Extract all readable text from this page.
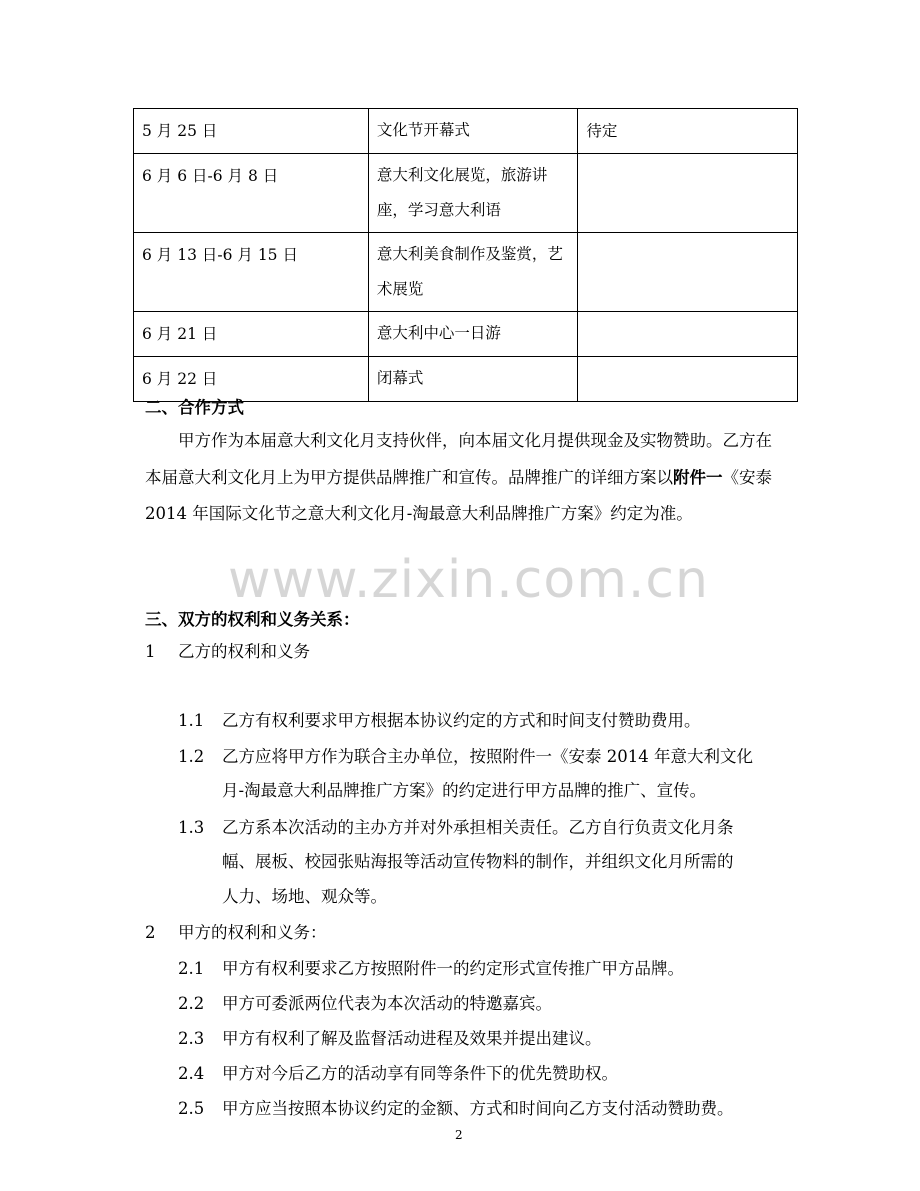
5 月 25 日	文化节开幕式	待定
6 月 6 日-6 月 8 日	意大利文化展览，旅游讲座，学习意大利语	
6 月 13 日-6 月 15 日	意大利美食制作及鉴赏，艺术展览	
6 月 21 日	意大利中心一日游	
6 月 22 日	闭幕式	
二、合作方式
甲方作为本届意大利文化月支持伙伴，向本届文化月提供现金及实物赞助。乙方在本届意大利文化月上为甲方提供品牌推广和宣传。品牌推广的详细方案以附件一《安泰 2014 年国际文化节之意大利文化月-淘最意大利品牌推广方案》约定为准。
www.zixin.com.cn
三、双方的权利和义务关系：
1 乙方的权利和义务
1.1 乙方有权利要求甲方根据本协议约定的方式和时间支付赞助费用。
1.2 乙方应将甲方作为联合主办单位，按照附件一《安泰 2014 年意大利文化
月-淘最意大利品牌推广方案》的约定进行甲方品牌的推广、宣传。
1.3 乙方系本次活动的主办方并对外承担相关责任。乙方自行负责文化月条
幅、展板、校园张贴海报等活动宣传物料的制作，并组织文化月所需的
人力、场地、观众等。
2 甲方的权利和义务：
2.1 甲方有权利要求乙方按照附件一的约定形式宣传推广甲方品牌。
2.2 甲方可委派两位代表为本次活动的特邀嘉宾。
2.3 甲方有权利了解及监督活动进程及效果并提出建议。
2.4 甲方对今后乙方的活动享有同等条件下的优先赞助权。
2.5 甲方应当按照本协议约定的金额、方式和时间向乙方支付活动赞助费。
2
